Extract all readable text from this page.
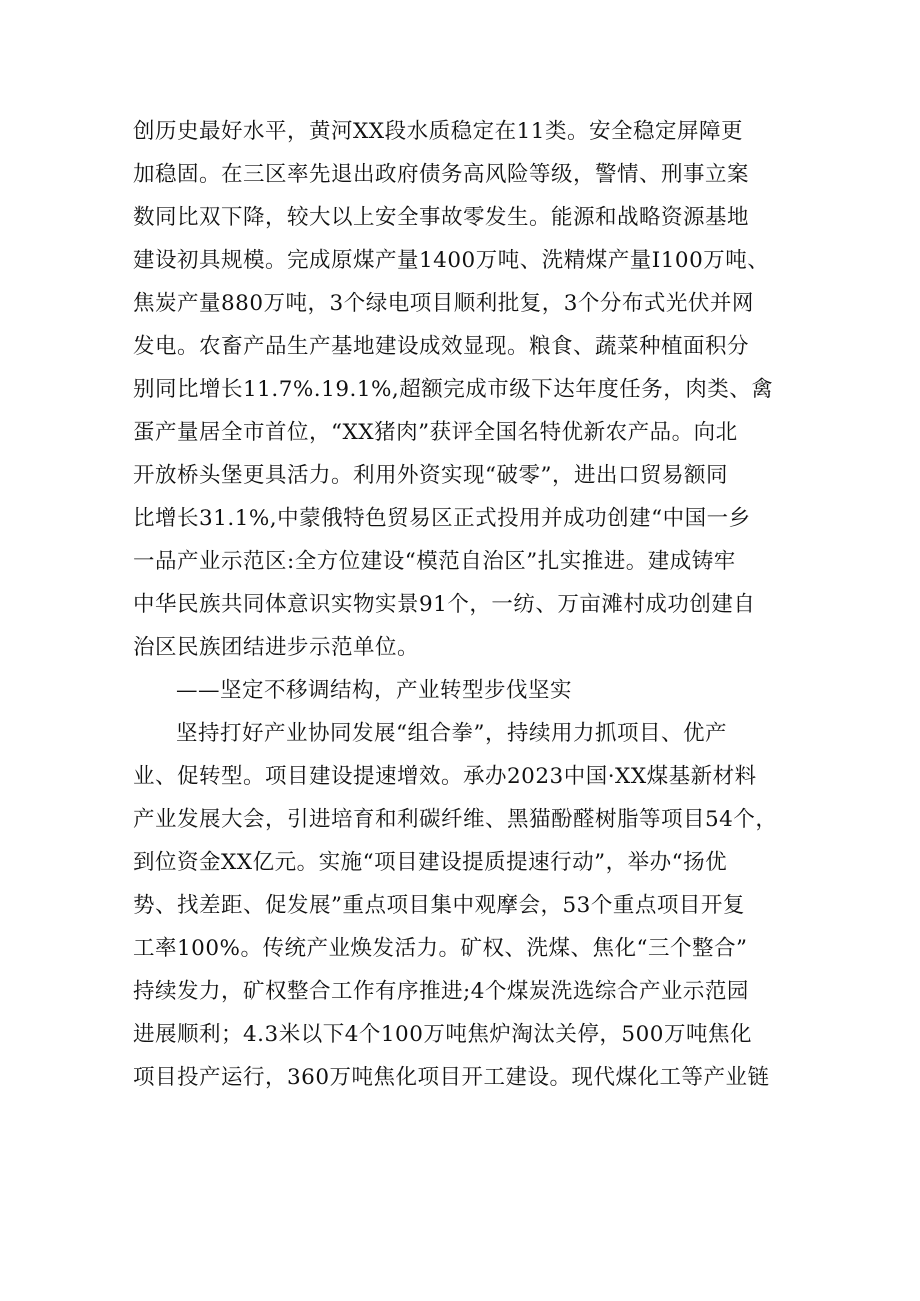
创历史最好水平，黄河XX段水质稳定在11类。安全稳定屏障更
加稳固。在三区率先退出政府债务高风险等级，警情、刑事立案
数同比双下降，较大以上安全事故零发生。能源和战略资源基地
建设初具规模。完成原煤产量1400万吨、洗精煤产量I100万吨、
焦炭产量880万吨，3个绿电项目顺利批复，3个分布式光伏并网
发电。农畜产品生产基地建设成效显现。粮食、蔬菜种植面积分
别同比增长11.7%.19.1%,超额完成市级下达年度任务，肉类、禽
蛋产量居全市首位，“XX猪肉”获评全国名特优新农产品。向北
开放桥头堡更具活力。利用外资实现“破零”，进出口贸易额同
比增长31.1%,中蒙俄特色贸易区正式投用并成功创建“中国一乡
一品产业示范区:全方位建设“模范自治区”扎实推进。建成铸牢
中华民族共同体意识实物实景91个，一纺、万亩滩村成功创建自
治区民族团结进步示范单位。
——坚定不移调结构，产业转型步伐坚实
坚持打好产业协同发展“组合拳”，持续用力抓项目、优产
业、促转型。项目建设提速增效。承办2023中国·XX煤基新材料
产业发展大会，引进培育和利碳纤维、黑猫酚醛树脂等项目54个，
到位资金XX亿元。实施“项目建设提质提速行动”，举办“扬优
势、找差距、促发展”重点项目集中观摩会，53个重点项目开复
工率100%。传统产业焕发活力。矿权、洗煤、焦化“三个整合”
持续发力，矿权整合工作有序推进;4个煤炭洗选综合产业示范园
进展顺利；4.3米以下4个100万吨焦炉淘汰关停，500万吨焦化
项目投产运行，360万吨焦化项目开工建设。现代煤化工等产业链
